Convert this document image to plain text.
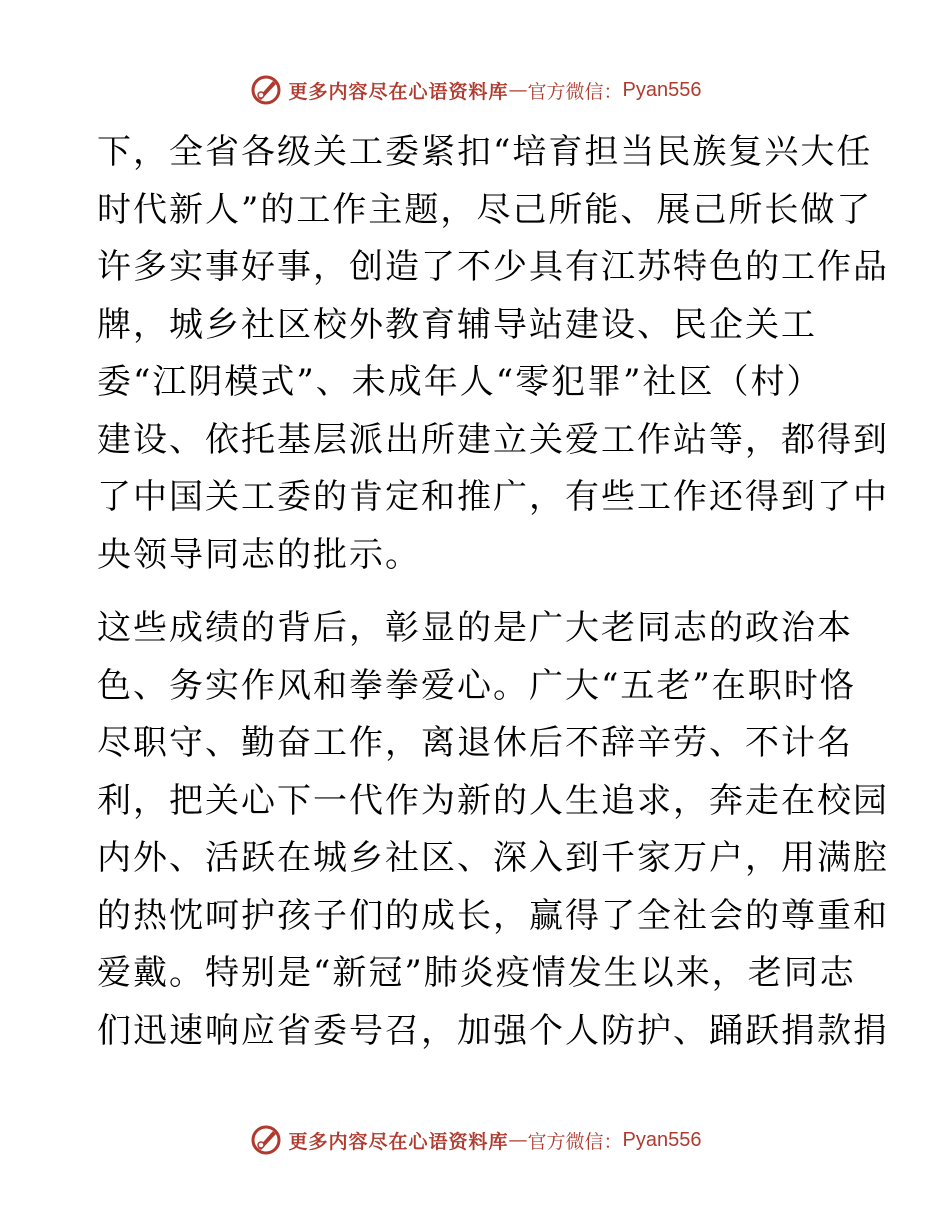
更多内容尽在心语资料库 — 官方微信： Pyan556

下，全省各级关工委紧扣“培育担当民族复兴大任
时代新人”的工作主题，尽己所能、展己所长做了
许多实事好事，创造了不少具有江苏特色的工作品
牌，城乡社区校外教育辅导站建设、民企关工
委“江阴模式”、未成年人“零犯罪”社区（村）
建设、依托基层派出所建立关爱工作站等，都得到
了中国关工委的肯定和推广，有些工作还得到了中
央领导同志的批示。

这些成绩的背后，彰显的是广大老同志的政治本
色、务实作风和拳拳爱心。广大“五老”在职时恪
尽职守、勤奋工作，离退休后不辞辛劳、不计名
利，把关心下一代作为新的人生追求，奔走在校园
内外、活跃在城乡社区、深入到千家万户，用满腔
的热忱呵护孩子们的成长，赢得了全社会的尊重和
爱戴。特别是“新冠”肺炎疫情发生以来，老同志
们迅速响应省委号召，加强个人防护、踊跃捐款捐

更多内容尽在心语资料库 — 官方微信： Pyan556
